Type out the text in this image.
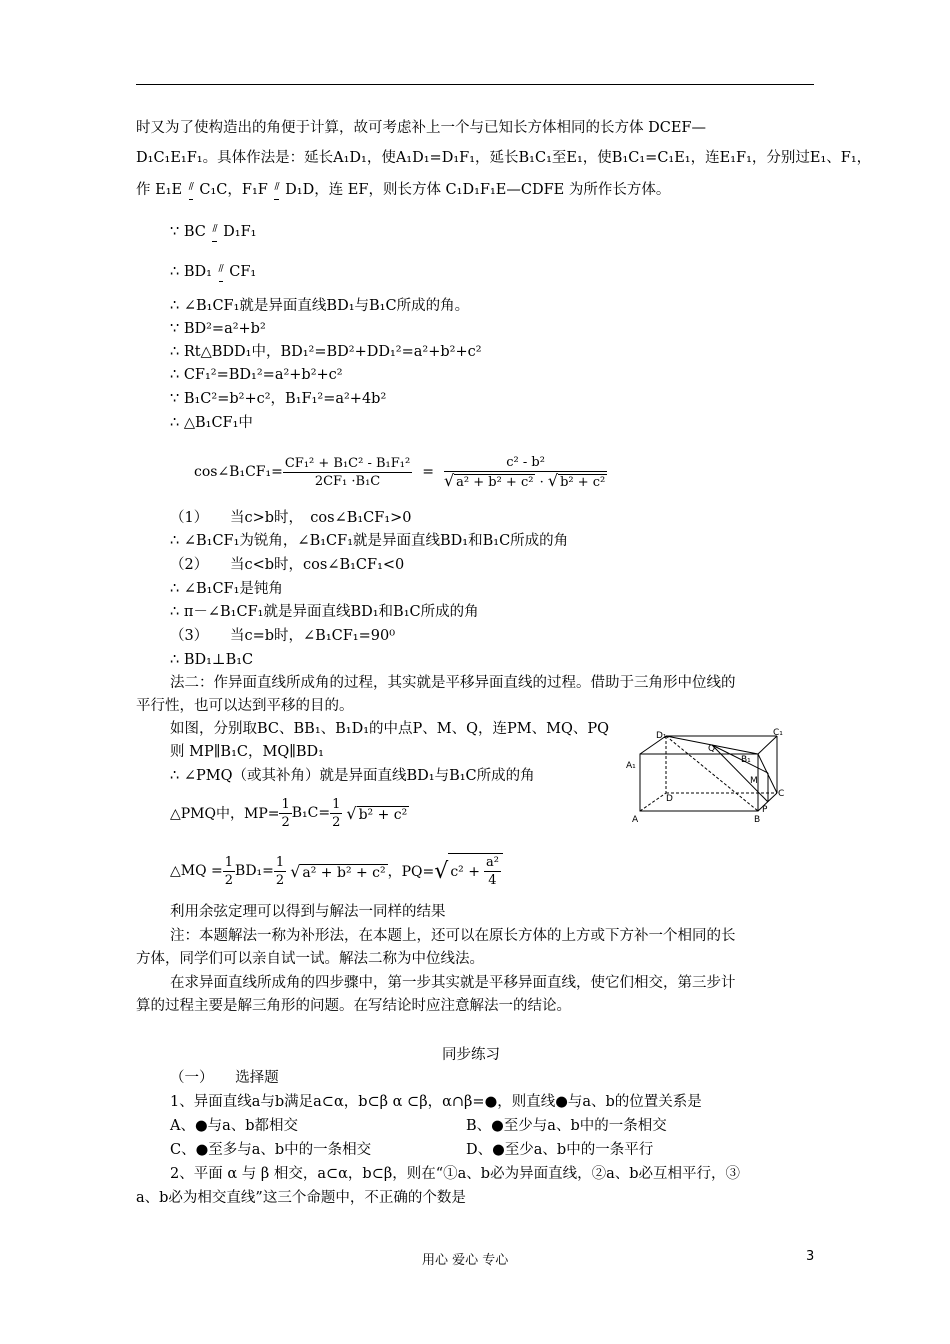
时又为了使构造出的角便于计算，故可考虑补上一个与已知长方体相同的长方体 DCEF—
D₁C₁E₁F₁。具体作法是：延长A₁D₁，使A₁D₁=D₁F₁，延长B₁C₁至E₁，使B₁C₁=C₁E₁，连E₁F₁，分别过E₁、F₁，
作 E₁E // C₁C，F₁F // D₁D，连 EF，则长方体 C₁D₁F₁E—CDFE 为所作长方体。
∵ BC // D₁F₁
∴ BD₁ // CF₁
∴ ∠B₁CF₁就是异面直线BD₁与B₁C所成的角。
∵ BD²=a²+b²
∴ Rt△BDD₁中，BD₁²=BD²+DD₁²=a²+b²+c²
∴ CF₁²=BD₁²=a²+b²+c²
∵ B₁C²=b²+c²，B₁F₁²=a²+4b²
∴ △B₁CF₁中
cos∠B₁CF₁= $\frac{\text{CF₁² + B₁C² - B₁F₁²}}{\text{2CF₁ ·B₁C}} = \frac{\text{c² - b²}}{\text{√ a² + b² + c² · √ b² + c²}}$
（1）　　当c>b时，　cos∠B₁CF₁>0
∴ ∠B₁CF₁为锐角，∠B₁CF₁就是异面直线BD₁和B₁C所成的角
（2）　　当c<b时，cos∠B₁CF₁<0
∴ ∠B₁CF₁是钝角
∴ π－∠B₁CF₁就是异面直线BD₁和B₁C所成的角
（3）　　当c=b时，∠B₁CF₁=90⁰
∴ BD₁⊥B₁C
法二：作异面直线所成角的过程，其实就是平移异面直线的过程。借助于三角形中位线的
平行性，也可以达到平移的目的。
如图，分别取BC、BB₁、B₁D₁的中点P、M、Q，连PM、MQ、PQ
则 MP∥B₁C，MQ∥BD₁
∴ ∠PMQ（或其补角）就是异面直线BD₁与B₁C所成的角
△PMQ中，$MP= \frac{1}{2} B_1C= \frac{1}{2}$ √ b² + c²
△MQ = $\frac{1}{2} BD_1= \frac{1}{2}$ √ a² + b² + c² ，PQ= √ $c^2 + \frac{\text{a²}}{4}$
利用余弦定理可以得到与解法一同样的结果
注：本题解法一称为补形法，在本题上，还可以在原长方体的上方或下方补一个相同的长
方体，同学们可以亲自试一试。解法二称为中位线法。
在求异面直线所成角的四步骤中，第一步其实就是平移异面直线，使它们相交，第三步计
算的过程主要是解三角形的问题。在写结论时应注意解法一的结论。
同步练习
（一）　　选择题
1、异面直线a与b满足a⊂α，b⊂β α ⊂β，α∩β=●，则直线●与a、b的位置关系是
A、●与a、b都相交	B、●至少与a、b中的一条相交
C、●至多与a、b中的一条相交	D、●至少a、b中的一条平行
2、平面 α 与 β 相交，a⊂α，b⊂β，则在“①a、b必为异面直线，②a、b必互相平行，③
a、b必为相交直线”这三个命题中，不正确的个数是
D₁
Q
C₁
A₁
B₁
M
D	C
P
A	B
用心 爱心 专心	3
